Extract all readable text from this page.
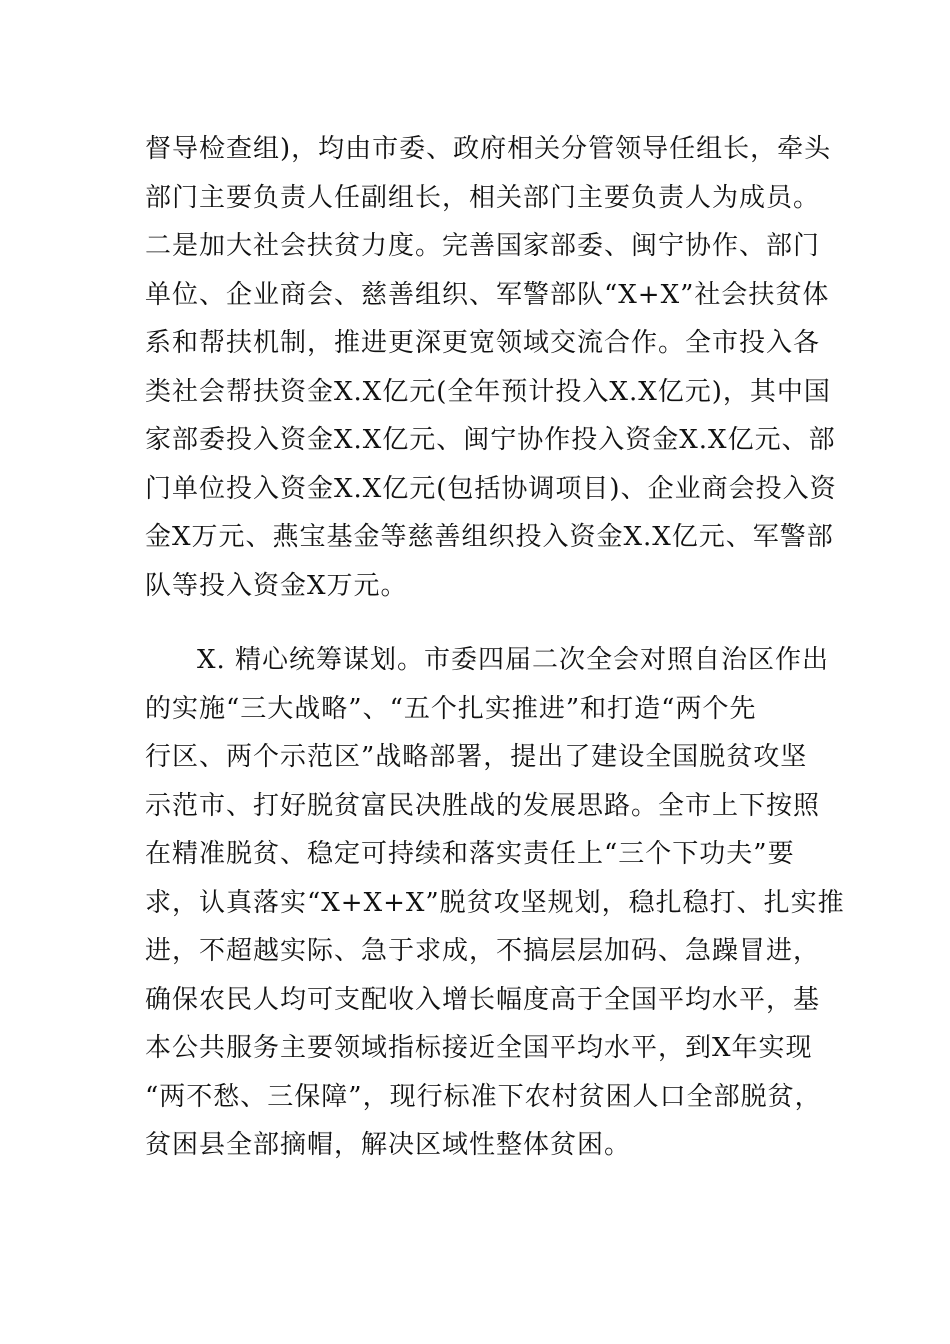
督导检查组)，均由市委、政府相关分管领导任组长，牵头
部门主要负责人任副组长，相关部门主要负责人为成员。
二是加大社会扶贫力度。完善国家部委、闽宁协作、部门
单位、企业商会、慈善组织、军警部队“X+X”社会扶贫体
系和帮扶机制，推进更深更宽领域交流合作。全市投入各
类社会帮扶资金X.X亿元(全年预计投入X.X亿元)，其中国
家部委投入资金X.X亿元、闽宁协作投入资金X.X亿元、部
门单位投入资金X.X亿元(包括协调项目)、企业商会投入资
金X万元、燕宝基金等慈善组织投入资金X.X亿元、军警部
队等投入资金X万元。
X. 精心统筹谋划。市委四届二次全会对照自治区作出
的实施“三大战略”、“五个扎实推进”和打造“两个先
行区、两个示范区”战略部署，提出了建设全国脱贫攻坚
示范市、打好脱贫富民决胜战的发展思路。全市上下按照
在精准脱贫、稳定可持续和落实责任上“三个下功夫”要
求，认真落实“X+X+X”脱贫攻坚规划，稳扎稳打、扎实推
进，不超越实际、急于求成，不搞层层加码、急躁冒进，
确保农民人均可支配收入增长幅度高于全国平均水平，基
本公共服务主要领域指标接近全国平均水平，到X年实现
“两不愁、三保障”，现行标准下农村贫困人口全部脱贫，
贫困县全部摘帽，解决区域性整体贫困。
